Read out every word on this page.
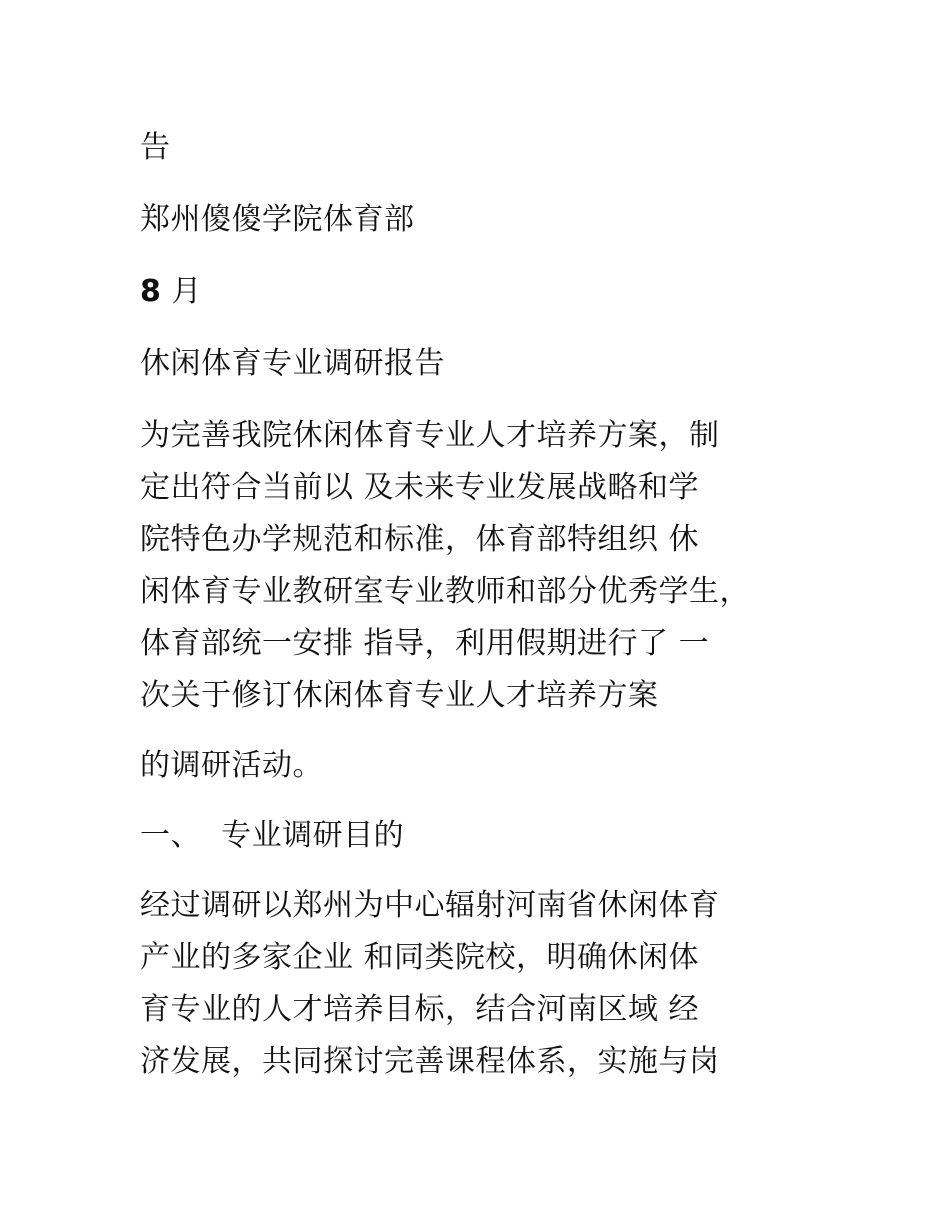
告

郑州傻傻学院体育部

8 月

休闲体育专业调研报告

为完善我院休闲体育专业人才培养方案，制

定出符合当前以 及未来专业发展战略和学

院特色办学规范和标准，体育部特组织 休

闲体育专业教研室专业教师和部分优秀学生，

体育部统一安排 指导，利用假期进行了 一

次关于修订休闲体育专业人才培养方案

的调研活动。

一、  专业调研目的

经过调研以郑州为中心辐射河南省休闲体育

产业的多家企业 和同类院校，明确休闲体

育专业的人才培养目标，结合河南区域 经

济发展，共同探讨完善课程体系，实施与岗
